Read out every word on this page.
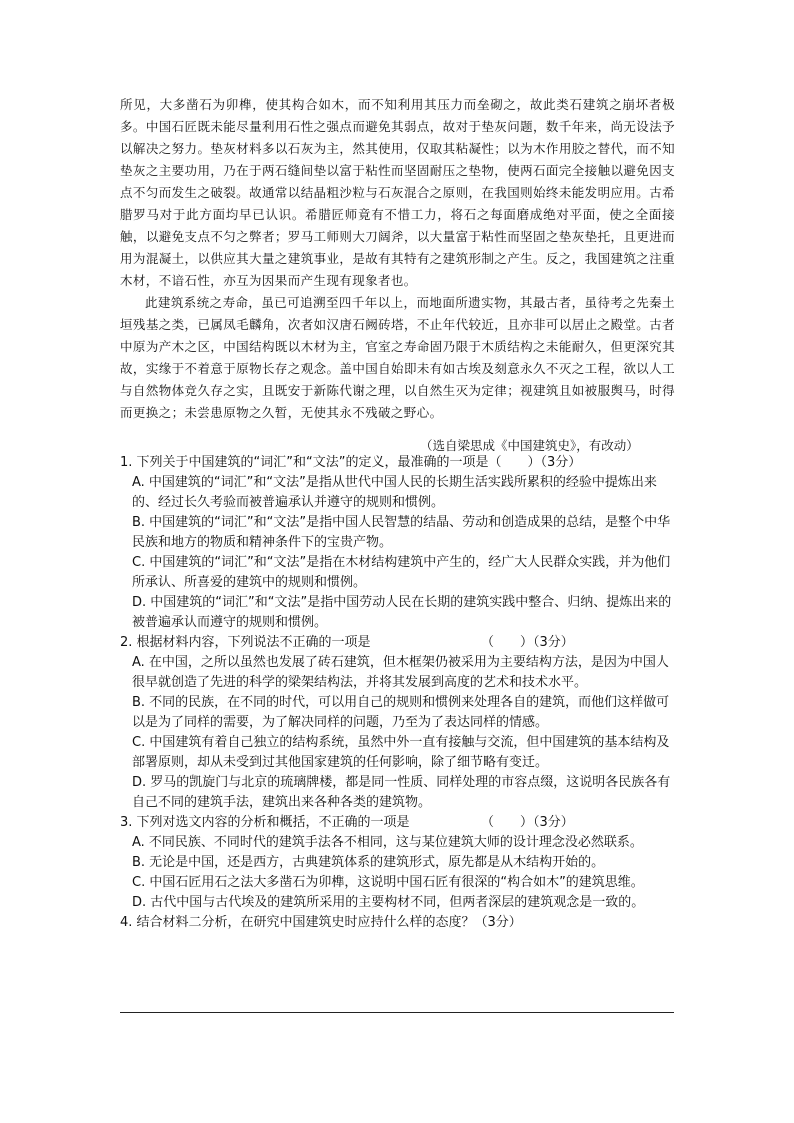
所见，大多凿石为卯榫，使其构合如木，而不知利用其压力而垒砌之，故此类石建筑之崩坏者极多。中国石匠既未能尽量利用石性之强点而避免其弱点，故对于垫灰问题，数千年来，尚无设法予以解决之努力。垫灰材料多以石灰为主，然其使用，仅取其粘凝性；以为木作用胶之替代，而不知垫灰之主要功用，乃在于两石缝间垫以富于粘性而坚固耐压之垫物，使两石面完全接触以避免因支点不匀而发生之破裂。故通常以结晶粗沙粒与石灰混合之原则，在我国则始终未能发明应用。古希腊罗马对于此方面均早已认识。希腊匠师竟有不惜工力，将石之每面磨成绝对平面，使之全面接触，以避免支点不匀之弊者；罗马工师则大刀阔斧，以大量富于粘性而坚固之垫灰垫托，且更进而用为混凝土，以供应其大量之建筑事业，是故有其特有之建筑形制之产生。反之，我国建筑之注重木材，不谙石性，亦互为因果而产生现有现象者也。

此建筑系统之寿命，虽已可追溯至四千年以上，而地面所遗实物，其最古者，虽待考之先秦土垣残基之类，已属凤毛麟角，次者如汉唐石阙砖塔，不止年代较近，且亦非可以居止之殿堂。古者中原为产木之区，中国结构既以木材为主，官室之寿命固乃限于木质结构之未能耐久，但更深究其故，实缘于不着意于原物长存之观念。盖中国自始即未有如古埃及刻意永久不灭之工程，欲以人工与自然物体竞久存之实，且既安于新陈代谢之理，以自然生灭为定律；视建筑且如被服舆马，时得而更换之；未尝患原物之久暂，无使其永不残破之野心。

（选自梁思成《中国建筑史》，有改动）

1. 下列关于中国建筑的“词汇”和“文法”的定义，最准确的一项是（　　）（3分）

A. 中国建筑的“词汇”和“文法”是指从世代中国人民的长期生活实践所累积的经验中提炼出来的、经过长久考验而被普遍承认并遵守的规则和惯例。

B. 中国建筑的“词汇”和“文法”是指中国人民智慧的结晶、劳动和创造成果的总结，是整个中华民族和地方的物质和精神条件下的宝贵产物。

C. 中国建筑的“词汇”和“文法”是指在木材结构建筑中产生的，经广大人民群众实践，并为他们所承认、所喜爱的建筑中的规则和惯例。

D. 中国建筑的“词汇”和“文法”是指中国劳动人民在长期的建筑实践中整合、归纳、提炼出来的被普遍承认而遵守的规则和惯例。

2. 根据材料内容，下列说法不正确的一项是　　　　　　　　　（　　）（3分）

A. 在中国，之所以虽然也发展了砖石建筑，但木框架仍被采用为主要结构方法，是因为中国人很早就创造了先进的科学的梁架结构法，并将其发展到高度的艺术和技术水平。

B. 不同的民族，在不同的时代，可以用自己的规则和惯例来处理各自的建筑，而他们这样做可以是为了同样的需要，为了解决同样的问题，乃至为了表达同样的情感。

C. 中国建筑有着自己独立的结构系统，虽然中外一直有接触与交流，但中国建筑的基本结构及部署原则，却从未受到过其他国家建筑的任何影响，除了细节略有变迁。

D. 罗马的凯旋门与北京的琉璃牌楼，都是同一性质、同样处理的市容点缀，这说明各民族各有自己不同的建筑手法，建筑出来各种各类的建筑物。

3. 下列对选文内容的分析和概括，不正确的一项是　　　　　　（　　）（3分）

A. 不同民族、不同时代的建筑手法各不相同，这与某位建筑大师的设计理念没必然联系。

B. 无论是中国，还是西方，古典建筑体系的建筑形式，原先都是从木结构开始的。

C. 中国石匠用石之法大多凿石为卯榫，这说明中国石匠有很深的“构合如木”的建筑思维。

D. 古代中国与古代埃及的建筑所采用的主要构材不同，但两者深层的建筑观念是一致的。

4. 结合材料二分析，在研究中国建筑史时应持什么样的态度？（3分）
